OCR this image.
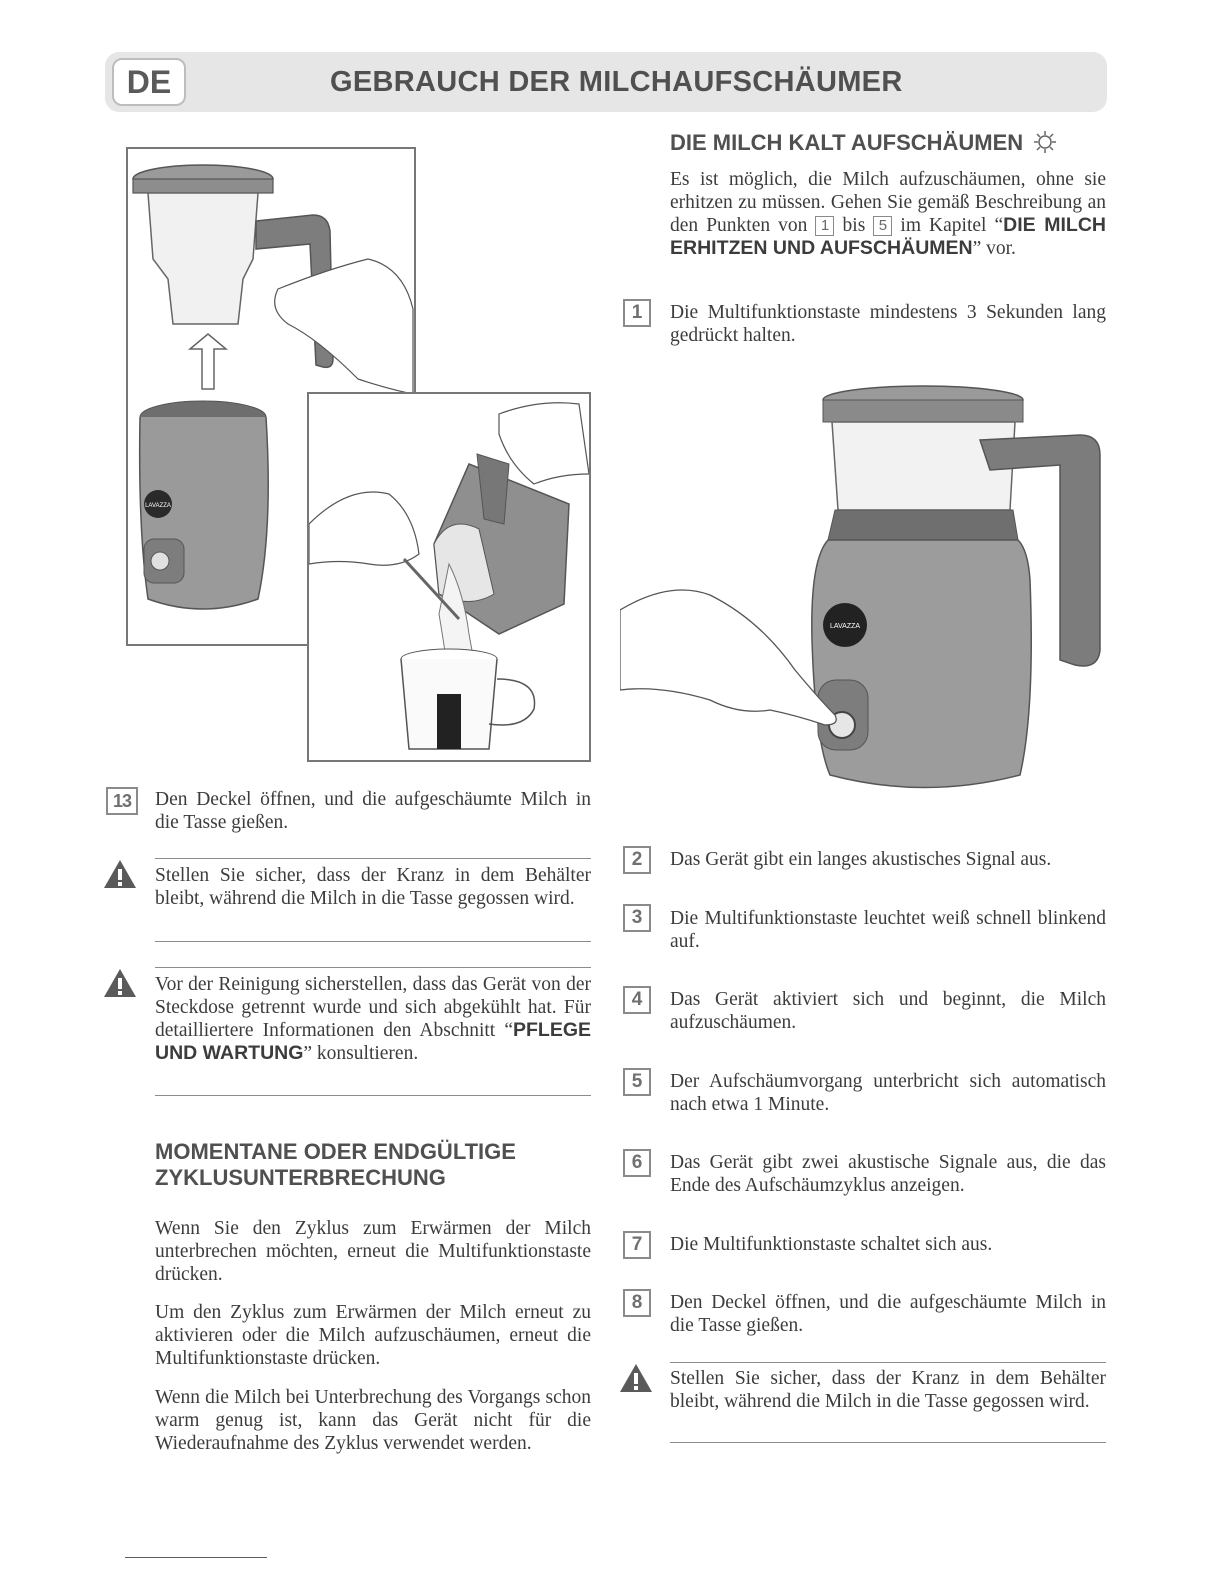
DE	GEBRAUCH DER MILCHAUFSCHÄUMER
LAVAZZA
13	Den Deckel öffnen, und die aufgeschäumte Milch in die Tasse gießen.
Stellen Sie sicher, dass der Kranz in dem Behälter bleibt, während die Milch in die Tasse gegossen wird.
Vor der Reinigung sicherstellen, dass das Gerät von der Steckdose getrennt wurde und sich abgekühlt hat. Für detailliertere Informationen den Abschnitt “PFLEGE UND WARTUNG” konsultieren.
MOMENTANE ODER ENDGÜLTIGE
ZYKLUSUNTERBRECHUNG
Wenn Sie den Zyklus zum Erwärmen der Milch unterbrechen möchten, erneut die Multifunktionstaste drücken.
Um den Zyklus zum Erwärmen der Milch erneut zu aktivieren oder die Milch aufzuschäumen, erneut die Multifunktionstaste drücken.
Wenn die Milch bei Unterbrechung des Vorgangs schon warm genug ist, kann das Gerät nicht für die Wiederaufnahme des Zyklus verwendet werden.
DIE MILCH KALT AUFSCHÄUMEN
Es ist möglich, die Milch aufzuschäumen, ohne sie erhitzen zu müssen. Gehen Sie gemäß Beschreibung an den Punkten von 1 bis 5 im Kapitel “DIE MILCH ERHITZEN UND AUFSCHÄUMEN” vor.
1	Die Multifunktionstaste mindestens 3 Sekunden lang gedrückt halten.
LAVAZZA
2	Das Gerät gibt ein langes akustisches Signal aus.
3	Die Multifunktionstaste leuchtet weiß schnell blinkend auf.
4	Das Gerät aktiviert sich und beginnt, die Milch aufzuschäumen.
5	Der Aufschäumvorgang unterbricht sich automatisch nach etwa 1 Minute.
6	Das Gerät gibt zwei akustische Signale aus, die das Ende des Aufschäumzyklus anzeigen.
7	Die Multifunktionstaste schaltet sich aus.
8	Den Deckel öffnen, und die aufgeschäumte Milch in die Tasse gießen.
Stellen Sie sicher, dass der Kranz in dem Behälter bleibt, während die Milch in die Tasse gegossen wird.
